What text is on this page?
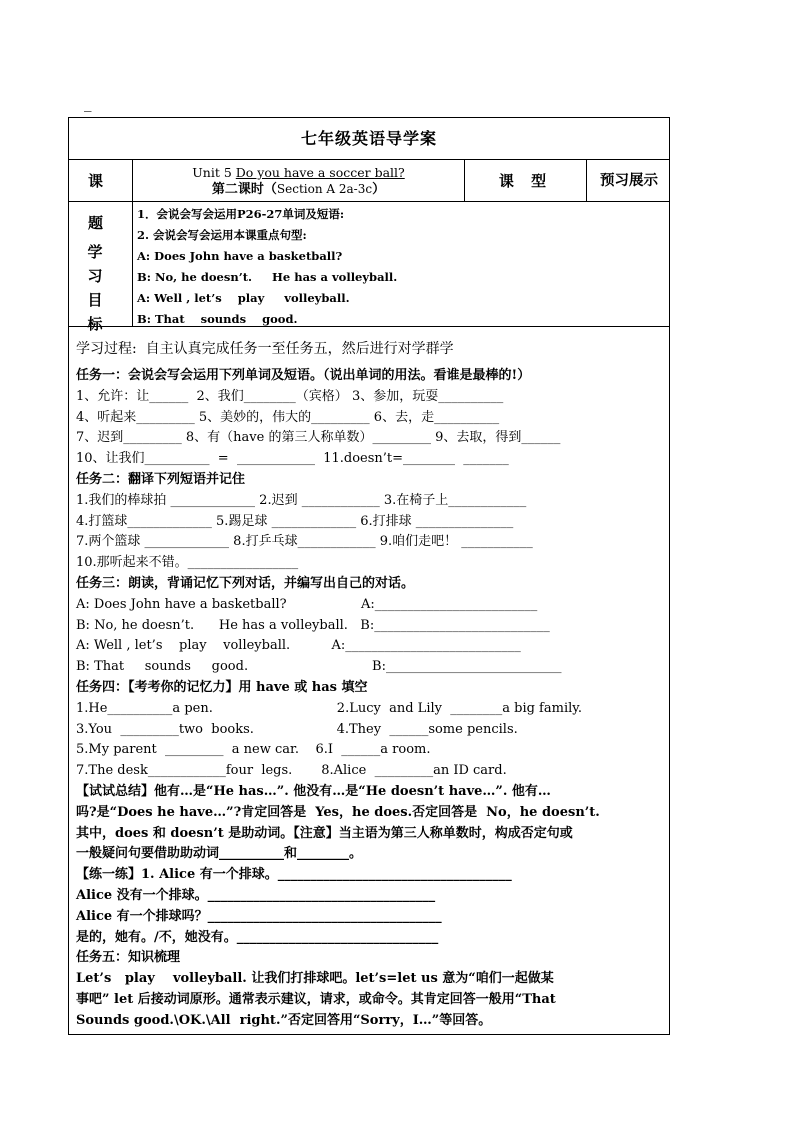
_
七年级英语导学案
课 题
Unit 5 Do you have a soccer ball?
第二课时（Section A 2a-3c）	课 型	预习展示
学 习
目 标
1．会说会写会运用P26-27单词及短语:
2. 会说会写会运用本课重点句型:
A: Does John have a basketball?
B: No, he doesn’t.     He has a volleyball.
A: Well , let’s    play     volleyball.
B: That    sounds    good.
学习过程:  自主认真完成任务一至任务五，然后进行对学群学
任务一：会说会写会运用下列单词及短语。（说出单词的用法。看谁是最棒的!）
1、允许：让______  2、我们________（宾格） 3、参加，玩耍__________
4、听起来_________ 5、美妙的，伟大的_________ 6、去，走__________
7、迟到_________ 8、有（have 的第三人称单数）_________ 9、去取，得到______
10、让我们__________  =  ____________  11.doesn’t=________  _______
任务二：翻译下列短语并记住
1.我们的棒球拍 _____________ 2.迟到 ____________ 3.在椅子上____________
4.打篮球_____________ 5.踢足球 _____________ 6.打排球 _______________
7.两个篮球 _____________ 8.打乒乓球____________ 9.咱们走吧！ ___________
10.那听起来不错。_________________
任务三：朗读，背诵记忆下列对话，并编写出自己的对话。
A: Does John have a basketball?                  A:_________________________
B: No, he doesn’t.      He has a volleyball.   B:___________________________
A: Well , let’s    play    volleyball.          A:___________________________
B: That     sounds     good.                              B:___________________________
任务四：【考考你的记忆力】用 have 或 has 填空
1.He__________a pen.                              2.Lucy  and Lily  ________a big family.
3.You  _________two  books.                    4.They  ______some pencils.
5.My parent  _________  a new car.    6.I  ______a room.
7.The desk____________four  legs.       8.Alice  _________an ID card.
【试试总结】他有…是“He has…”. 他没有…是“He doesn’t have…”. 他有…
吗?是“Does he have…”?肯定回答是  Yes，he does.否定回答是  No，he doesn’t.
其中，does 和 doesn’t 是助动词。【注意】当主语为第三人称单数时，构成否定句或
一般疑问句要借助助动词__________和________。
【练一练】1. Alice 有一个排球。____________________________________
Alice 没有一个排球。___________________________________
Alice 有一个排球吗？____________________________________
是的，她有。/不，她没有。_______________________________
任务五：知识梳理
Let’s   play    volleyball. 让我们打排球吧。let’s=let us 意为“咱们一起做某
事吧” let 后接动词原形。通常表示建议，请求，或命令。其肯定回答一般用“That
Sounds good.\OK.\All  right.”否定回答用“Sorry，I…”等回答。
